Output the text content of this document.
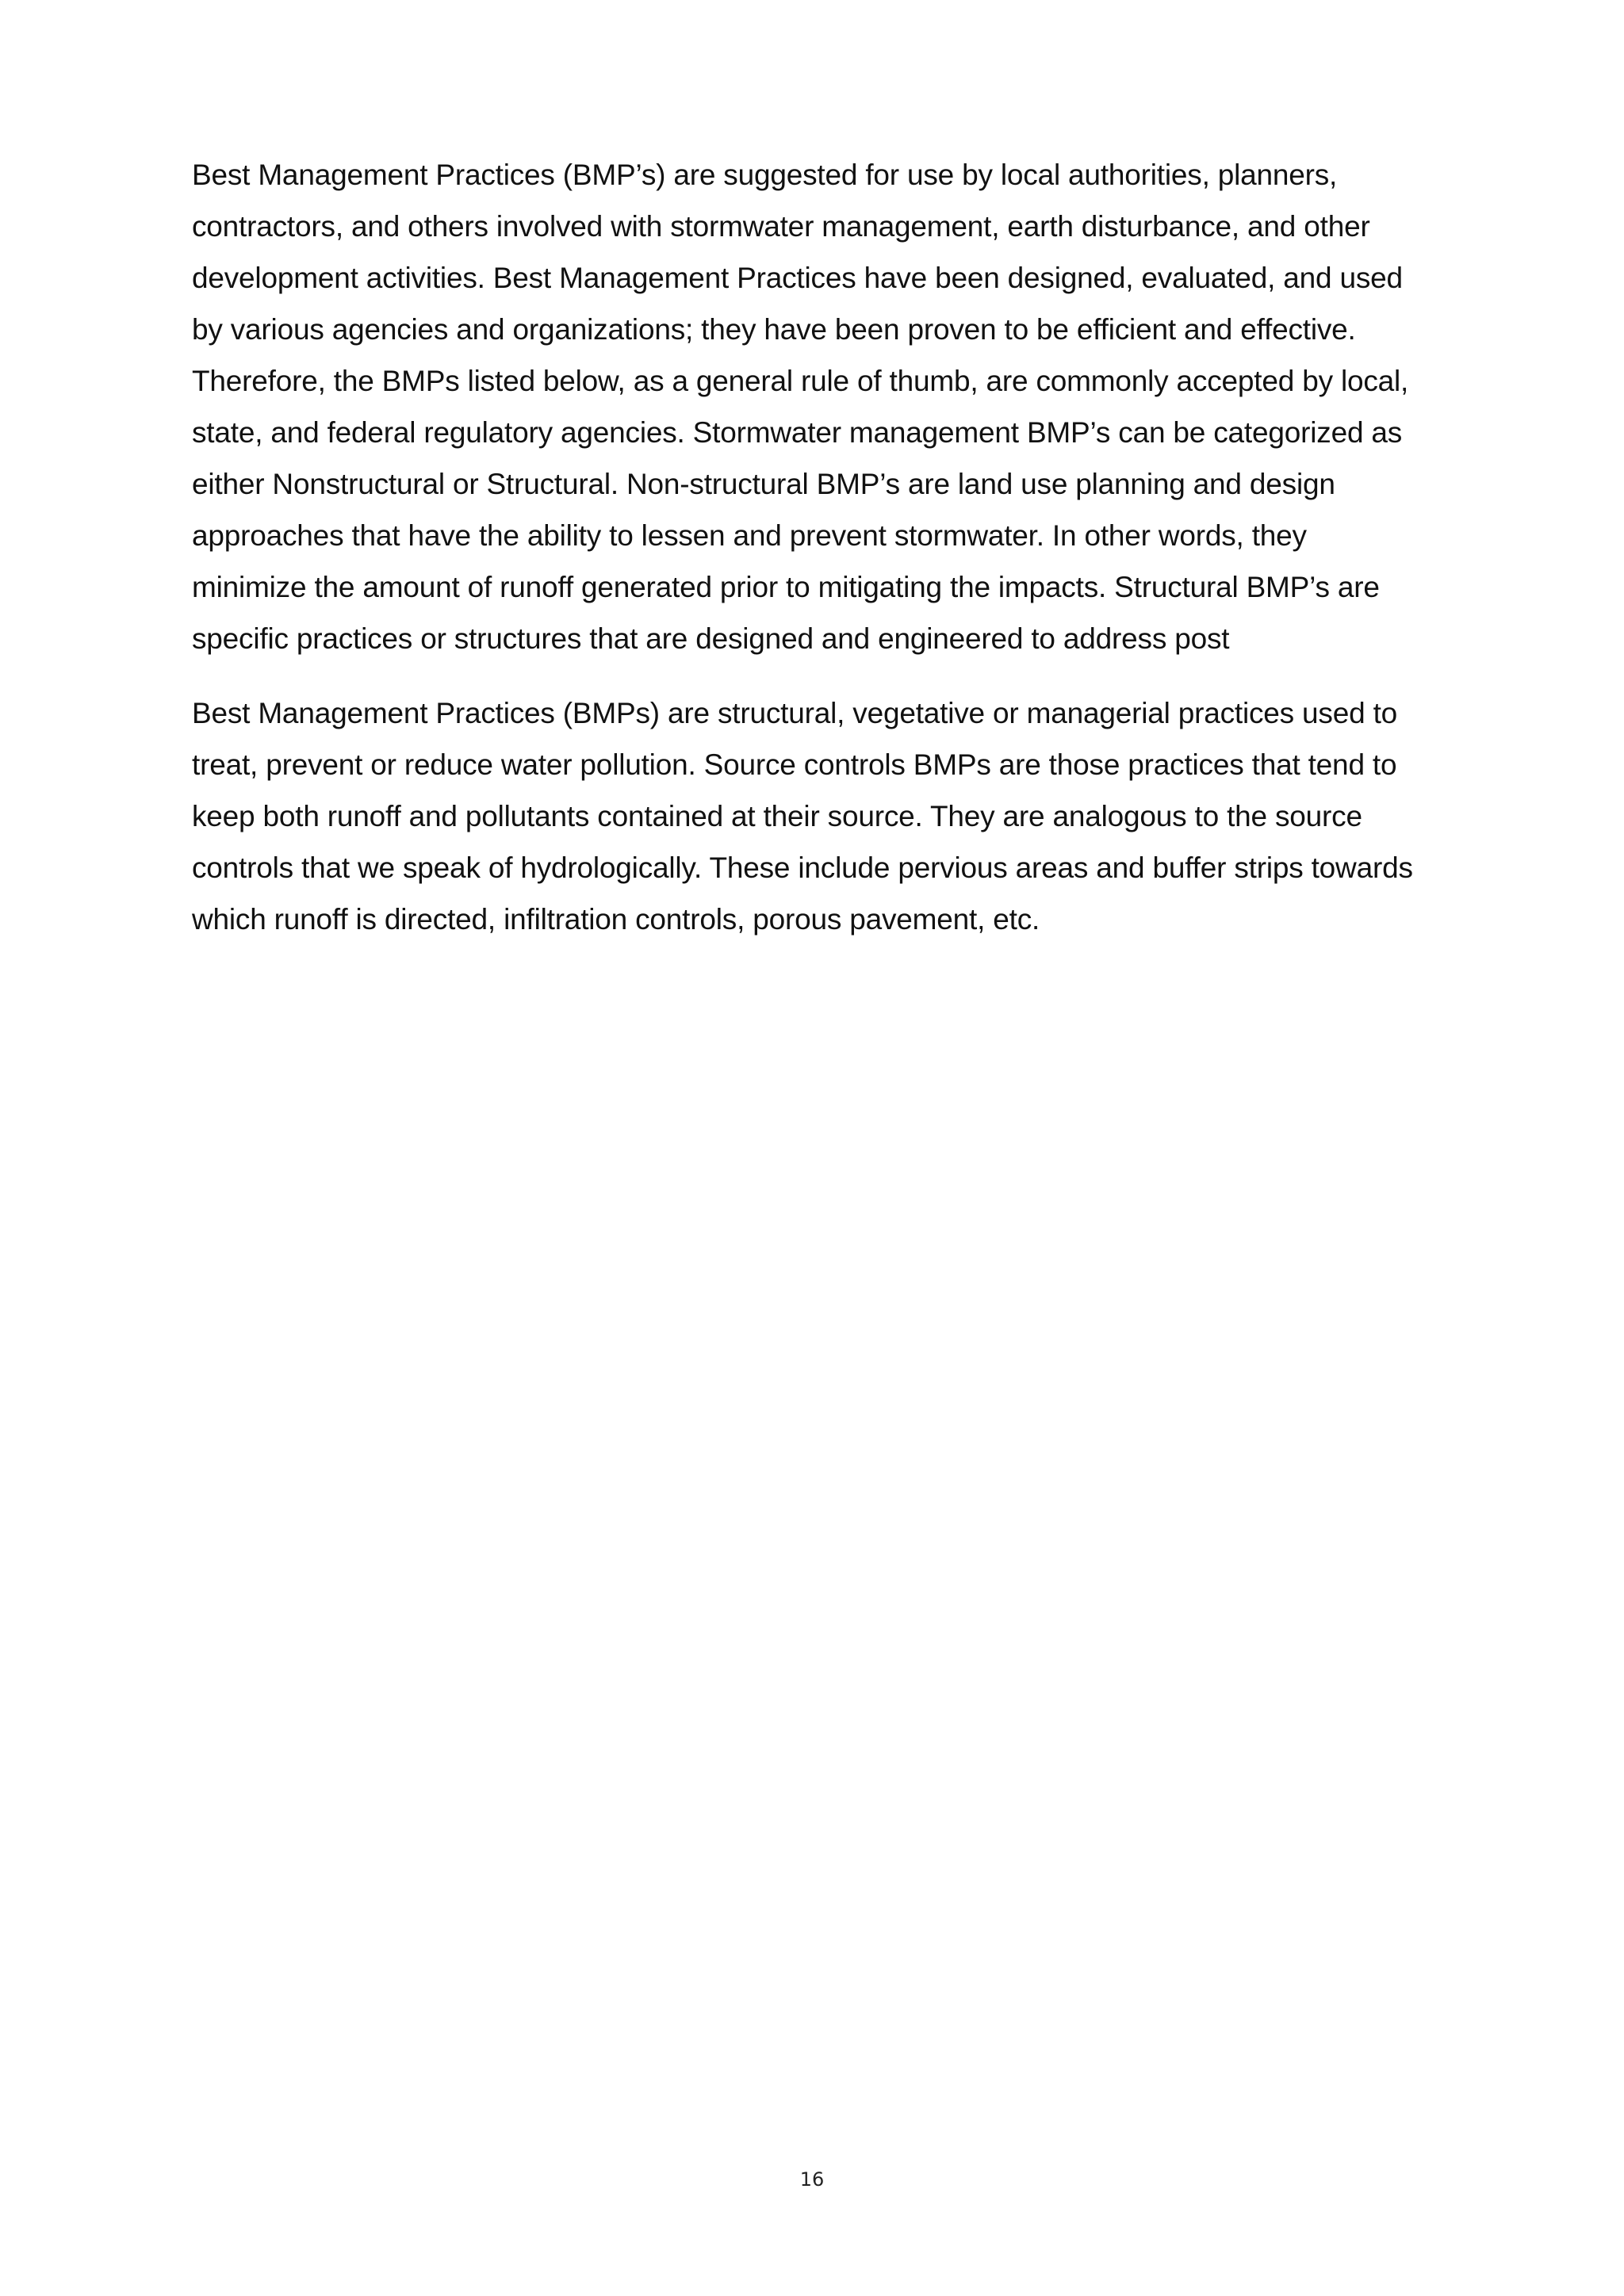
Best Management Practices (BMP’s) are suggested for use by local authorities, planners,
contractors, and others involved with stormwater management, earth disturbance, and other
development activities. Best Management Practices have been designed, evaluated, and used
by various agencies and organizations; they have been proven to be efficient and effective.
Therefore, the BMPs listed below, as a general rule of thumb, are commonly accepted by local,
state, and federal regulatory agencies. Stormwater management BMP’s can be categorized as
either Nonstructural or Structural. Non-structural BMP’s are land use planning and design
approaches that have the ability to lessen and prevent stormwater. In other words, they
minimize the amount of runoff generated prior to mitigating the impacts. Structural BMP’s are
specific practices or structures that are designed and engineered to address post

Best Management Practices (BMPs) are structural, vegetative or managerial practices used to
treat, prevent or reduce water pollution. Source controls BMPs are those practices that tend to
keep both runoff and pollutants contained at their source. They are analogous to the source
controls that we speak of hydrologically. These include pervious areas and buffer strips towards
which runoff is directed, infiltration controls, porous pavement, etc.

16
